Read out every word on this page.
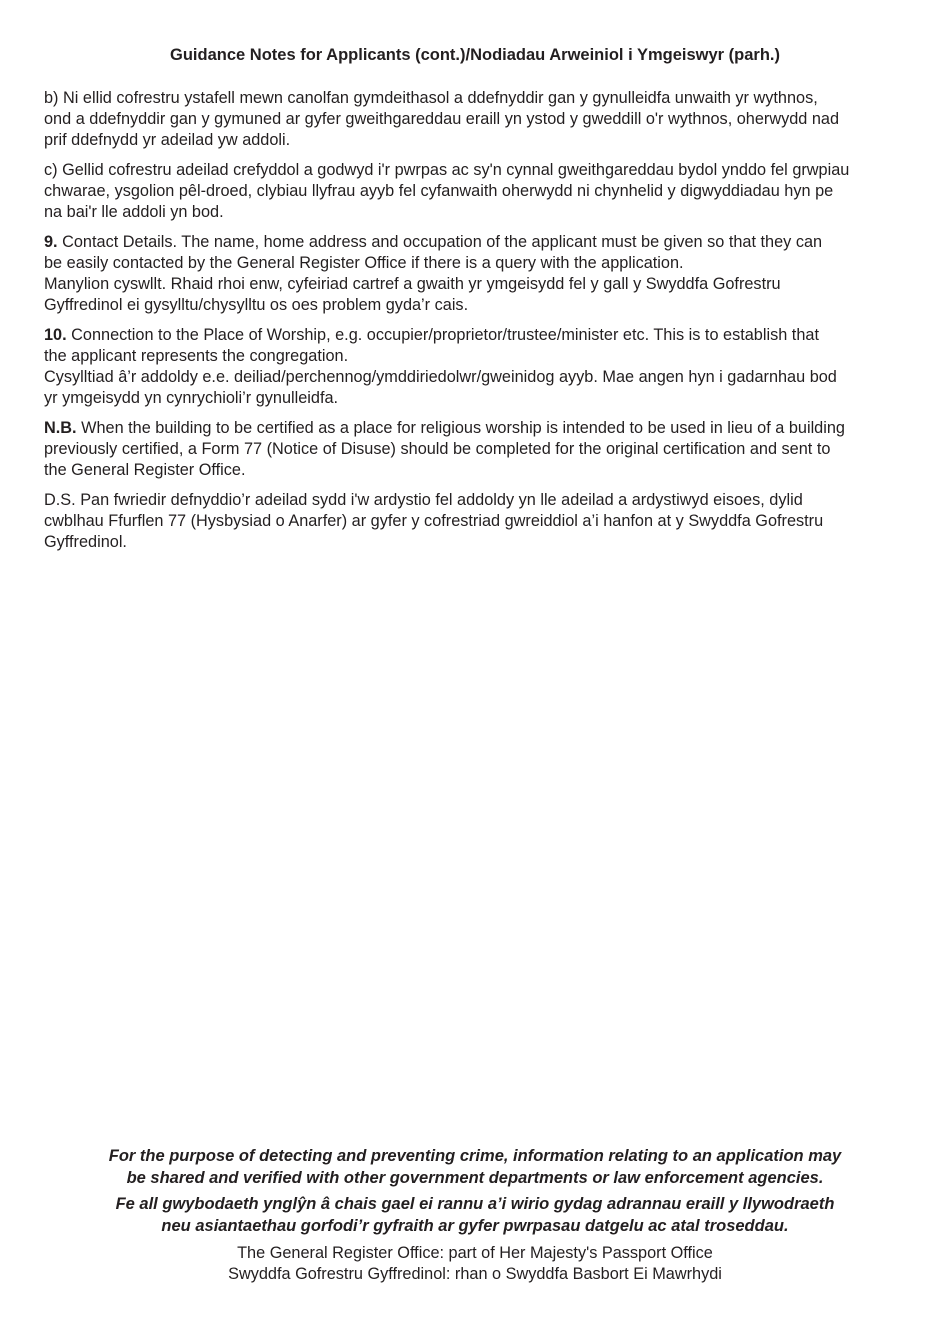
Guidance Notes for Applicants (cont.)/Nodiadau Arweiniol i Ymgeiswyr (parh.)

b) Ni ellid cofrestru ystafell mewn canolfan gymdeithasol a ddefnyddir gan y gynulleidfa unwaith yr wythnos,
ond a ddefnyddir gan y gymuned ar gyfer gweithgareddau eraill yn ystod y gweddill o'r wythnos, oherwydd nad
prif ddefnydd yr adeilad yw addoli.

c) Gellid cofrestru adeilad crefyddol a godwyd i'r pwrpas ac sy'n cynnal gweithgareddau bydol ynddo fel grwpiau
chwarae, ysgolion pêl-droed, clybiau llyfrau ayyb fel cyfanwaith oherwydd ni chynhelid y digwyddiadau hyn pe
na bai'r lle addoli yn bod.

9. Contact Details. The name, home address and occupation of the applicant must be given so that they can
be easily contacted by the General Register Office if there is a query with the application.
Manylion cyswllt. Rhaid rhoi enw, cyfeiriad cartref a gwaith yr ymgeisydd fel y gall y Swyddfa Gofrestru
Gyffredinol ei gysylltu/chysylltu os oes problem gyda’r cais.

10. Connection to the Place of Worship, e.g. occupier/proprietor/trustee/minister etc. This is to establish that
the applicant represents the congregation.
Cysylltiad â’r addoldy e.e. deiliad/perchennog/ymddiriedolwr/gweinidog ayyb. Mae angen hyn i gadarnhau bod
yr ymgeisydd yn cynrychioli’r gynulleidfa.

N.B. When the building to be certified as a place for religious worship is intended to be used in lieu of a building
previously certified, a Form 77 (Notice of Disuse) should be completed for the original certification and sent to
the General Register Office.

D.S. Pan fwriedir defnyddio’r adeilad sydd i'w ardystio fel addoldy yn lle adeilad a ardystiwyd eisoes, dylid
cwblhau Ffurflen 77 (Hysbysiad o Anarfer) ar gyfer y cofrestriad gwreiddiol a’i hanfon at y Swyddfa Gofrestru
Gyffredinol.

For the purpose of detecting and preventing crime, information relating to an application may
be shared and verified with other government departments or law enforcement agencies.
Fe all gwybodaeth ynglŷn â chais gael ei rannu a’i wirio gydag adrannau eraill y llywodraeth
neu asiantaethau gorfodi’r gyfraith ar gyfer pwrpasau datgelu ac atal troseddau.
The General Register Office: part of Her Majesty's Passport Office
Swyddfa Gofrestru Gyffredinol: rhan o Swyddfa Basbort Ei Mawrhydi
